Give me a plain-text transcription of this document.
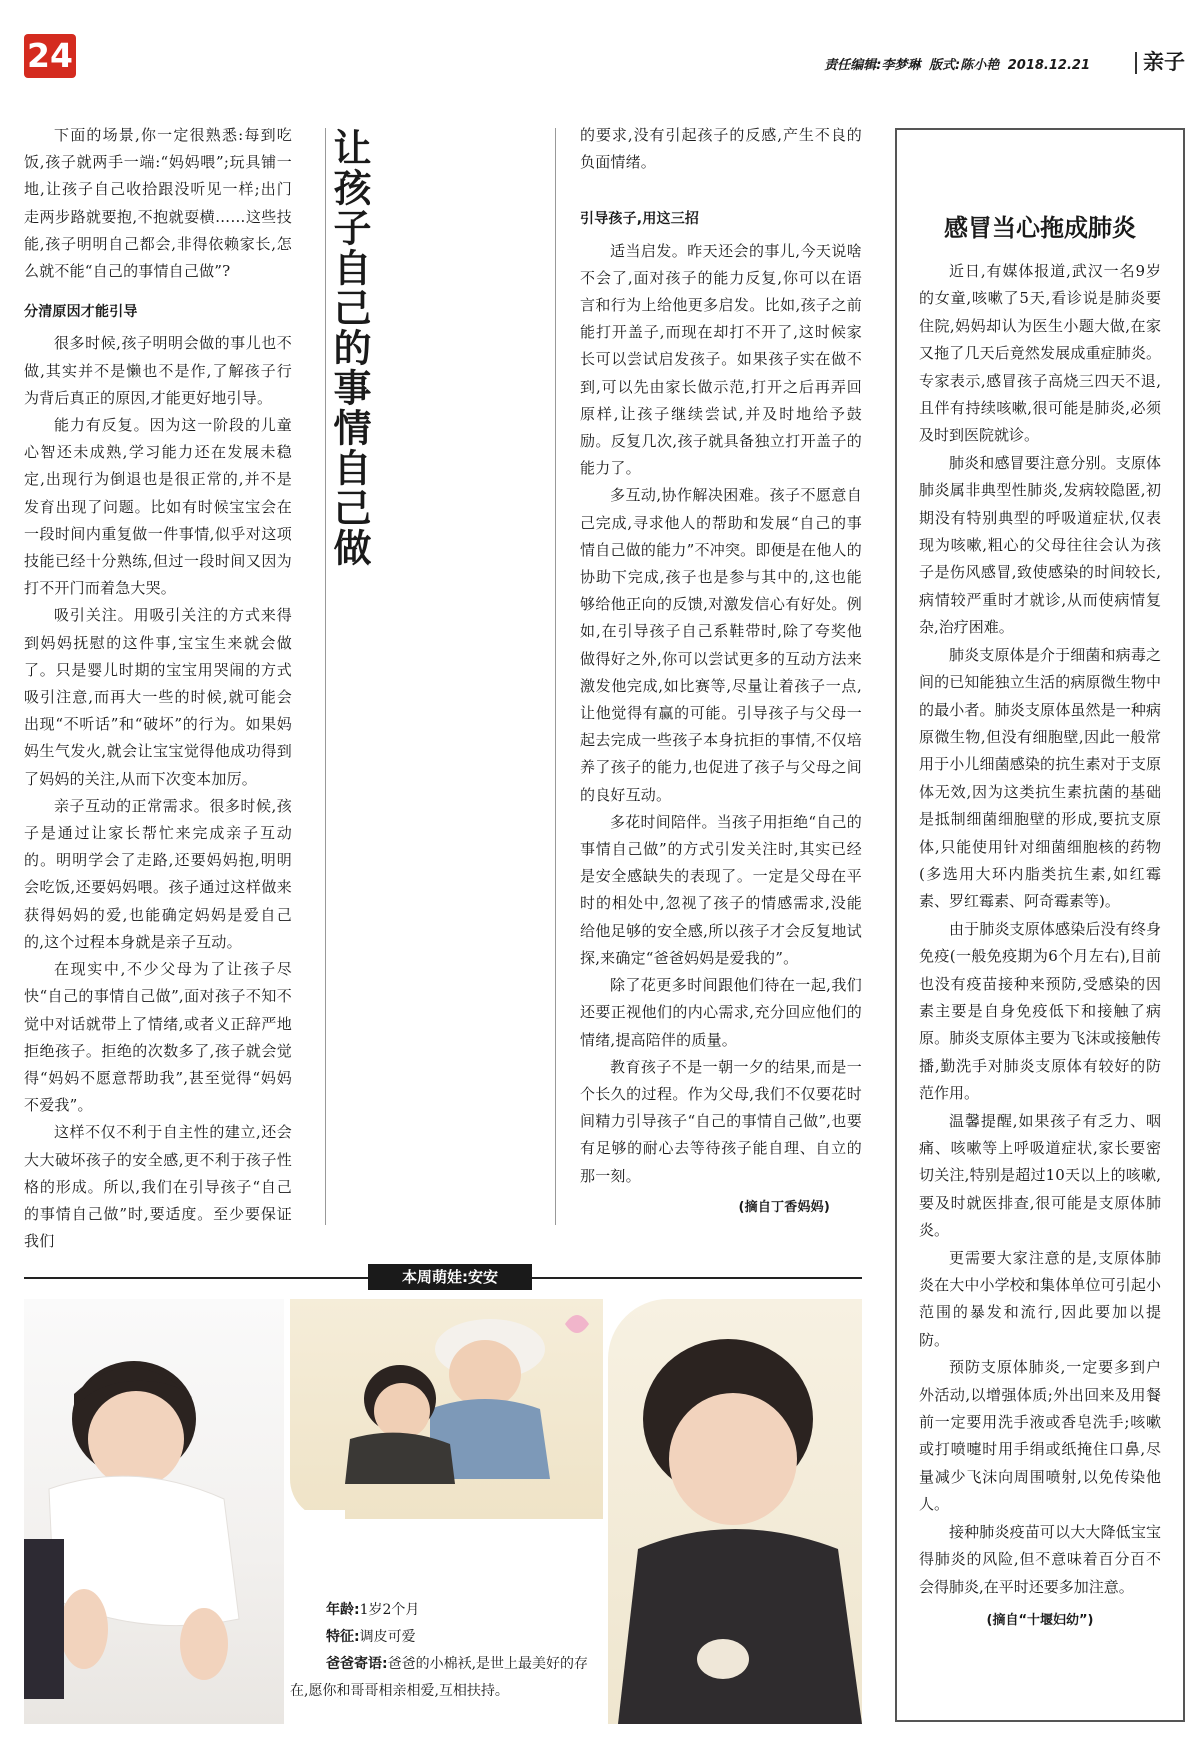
24	责任编辑:李梦琳 版式:陈小艳 2018.12.21	亲子

下面的场景,你一定很熟悉:每到吃饭,孩子就两手一端:“妈妈喂”;玩具铺一地,让孩子自己收拾跟没听见一样;出门走两步路就要抱,不抱就耍横……这些技能,孩子明明自己都会,非得依赖家长,怎么就不能“自己的事情自己做”?

分清原因才能引导

很多时候,孩子明明会做的事儿也不做,其实并不是懒也不是作,了解孩子行为背后真正的原因,才能更好地引导。

能力有反复。因为这一阶段的儿童心智还未成熟,学习能力还在发展未稳定,出现行为倒退也是很正常的,并不是发育出现了问题。比如有时候宝宝会在一段时间内重复做一件事情,似乎对这项技能已经十分熟练,但过一段时间又因为打不开门而着急大哭。

吸引关注。用吸引关注的方式来得到妈妈抚慰的这件事,宝宝生来就会做了。只是婴儿时期的宝宝用哭闹的方式吸引注意,而再大一些的时候,就可能会出现“不听话”和“破坏”的行为。如果妈妈生气发火,就会让宝宝觉得他成功得到了妈妈的关注,从而下次变本加厉。

亲子互动的正常需求。很多时候,孩子是通过让家长帮忙来完成亲子互动的。明明学会了走路,还要妈妈抱,明明会吃饭,还要妈妈喂。孩子通过这样做来获得妈妈的爱,也能确定妈妈是爱自己的,这个过程本身就是亲子互动。

在现实中,不少父母为了让孩子尽快“自己的事情自己做”,面对孩子不知不觉中对话就带上了情绪,或者义正辞严地拒绝孩子。拒绝的次数多了,孩子就会觉得“妈妈不愿意帮助我”,甚至觉得“妈妈不爱我”。

这样不仅不利于自主性的建立,还会大大破坏孩子的安全感,更不利于孩子性格的形成。所以,我们在引导孩子“自己的事情自己做”时,要适度。至少要保证我们

让孩子自己的事情自己做	的要求,没有引起孩子的反感,产生不良的负面情绪。

引导孩子,用这三招

适当启发。昨天还会的事儿,今天说啥不会了,面对孩子的能力反复,你可以在语言和行为上给他更多启发。比如,孩子之前能打开盖子,而现在却打不开了,这时候家长可以尝试启发孩子。如果孩子实在做不到,可以先由家长做示范,打开之后再弄回原样,让孩子继续尝试,并及时地给予鼓励。反复几次,孩子就具备独立打开盖子的能力了。

多互动,协作解决困难。孩子不愿意自己完成,寻求他人的帮助和发展“自己的事情自己做的能力”不冲突。即便是在他人的协助下完成,孩子也是参与其中的,这也能够给他正向的反馈,对激发信心有好处。例如,在引导孩子自己系鞋带时,除了夸奖他做得好之外,你可以尝试更多的互动方法来激发他完成,如比赛等,尽量让着孩子一点,让他觉得有赢的可能。引导孩子与父母一起去完成一些孩子本身抗拒的事情,不仅培养了孩子的能力,也促进了孩子与父母之间的良好互动。

多花时间陪伴。当孩子用拒绝“自己的事情自己做”的方式引发关注时,其实已经是安全感缺失的表现了。一定是父母在平时的相处中,忽视了孩子的情感需求,没能给他足够的安全感,所以孩子才会反复地试探,来确定“爸爸妈妈是爱我的”。

除了花更多时间跟他们待在一起,我们还要正视他们的内心需求,充分回应他们的情绪,提高陪伴的质量。

教育孩子不是一朝一夕的结果,而是一个长久的过程。作为父母,我们不仅要花时间精力引导孩子“自己的事情自己做”,也要有足够的耐心去等待孩子能自理、自立的那一刻。

(摘自丁香妈妈)
感冒当心拖成肺炎

近日,有媒体报道,武汉一名9岁的女童,咳嗽了5天,看诊说是肺炎要住院,妈妈却认为医生小题大做,在家又拖了几天后竟然发展成重症肺炎。专家表示,感冒孩子高烧三四天不退,且伴有持续咳嗽,很可能是肺炎,必须及时到医院就诊。

肺炎和感冒要注意分别。支原体肺炎属非典型性肺炎,发病较隐匿,初期没有特别典型的呼吸道症状,仅表现为咳嗽,粗心的父母往往会认为孩子是伤风感冒,致使感染的时间较长,病情较严重时才就诊,从而使病情复杂,治疗困难。

肺炎支原体是介于细菌和病毒之间的已知能独立生活的病原微生物中的最小者。肺炎支原体虽然是一种病原微生物,但没有细胞壁,因此一般常用于小儿细菌感染的抗生素对于支原体无效,因为这类抗生素抗菌的基础是抵制细菌细胞壁的形成,要抗支原体,只能使用针对细菌细胞核的药物(多选用大环内脂类抗生素,如红霉素、罗红霉素、阿奇霉素等)。

由于肺炎支原体感染后没有终身免疫(一般免疫期为6个月左右),目前也没有疫苗接种来预防,受感染的因素主要是自身免疫低下和接触了病原。肺炎支原体主要为飞沫或接触传播,勤洗手对肺炎支原体有较好的防范作用。

温馨提醒,如果孩子有乏力、咽痛、咳嗽等上呼吸道症状,家长要密切关注,特别是超过10天以上的咳嗽,要及时就医排查,很可能是支原体肺炎。

更需要大家注意的是,支原体肺炎在大中小学校和集体单位可引起小范围的暴发和流行,因此要加以提防。

预防支原体肺炎,一定要多到户外活动,以增强体质;外出回来及用餐前一定要用洗手液或香皂洗手;咳嗽或打喷嚏时用手绢或纸掩住口鼻,尽量减少飞沫向周围喷射,以免传染他人。

接种肺炎疫苗可以大大降低宝宝得肺炎的风险,但不意味着百分百不会得肺炎,在平时还要多加注意。

(摘自“十堰妇幼”)
本周萌娃:安安
年龄:1岁2个月
特征:调皮可爱
爸爸寄语:爸爸的小棉袄,是世上最美好的存在,愿你和哥哥相亲相爱,互相扶持。
